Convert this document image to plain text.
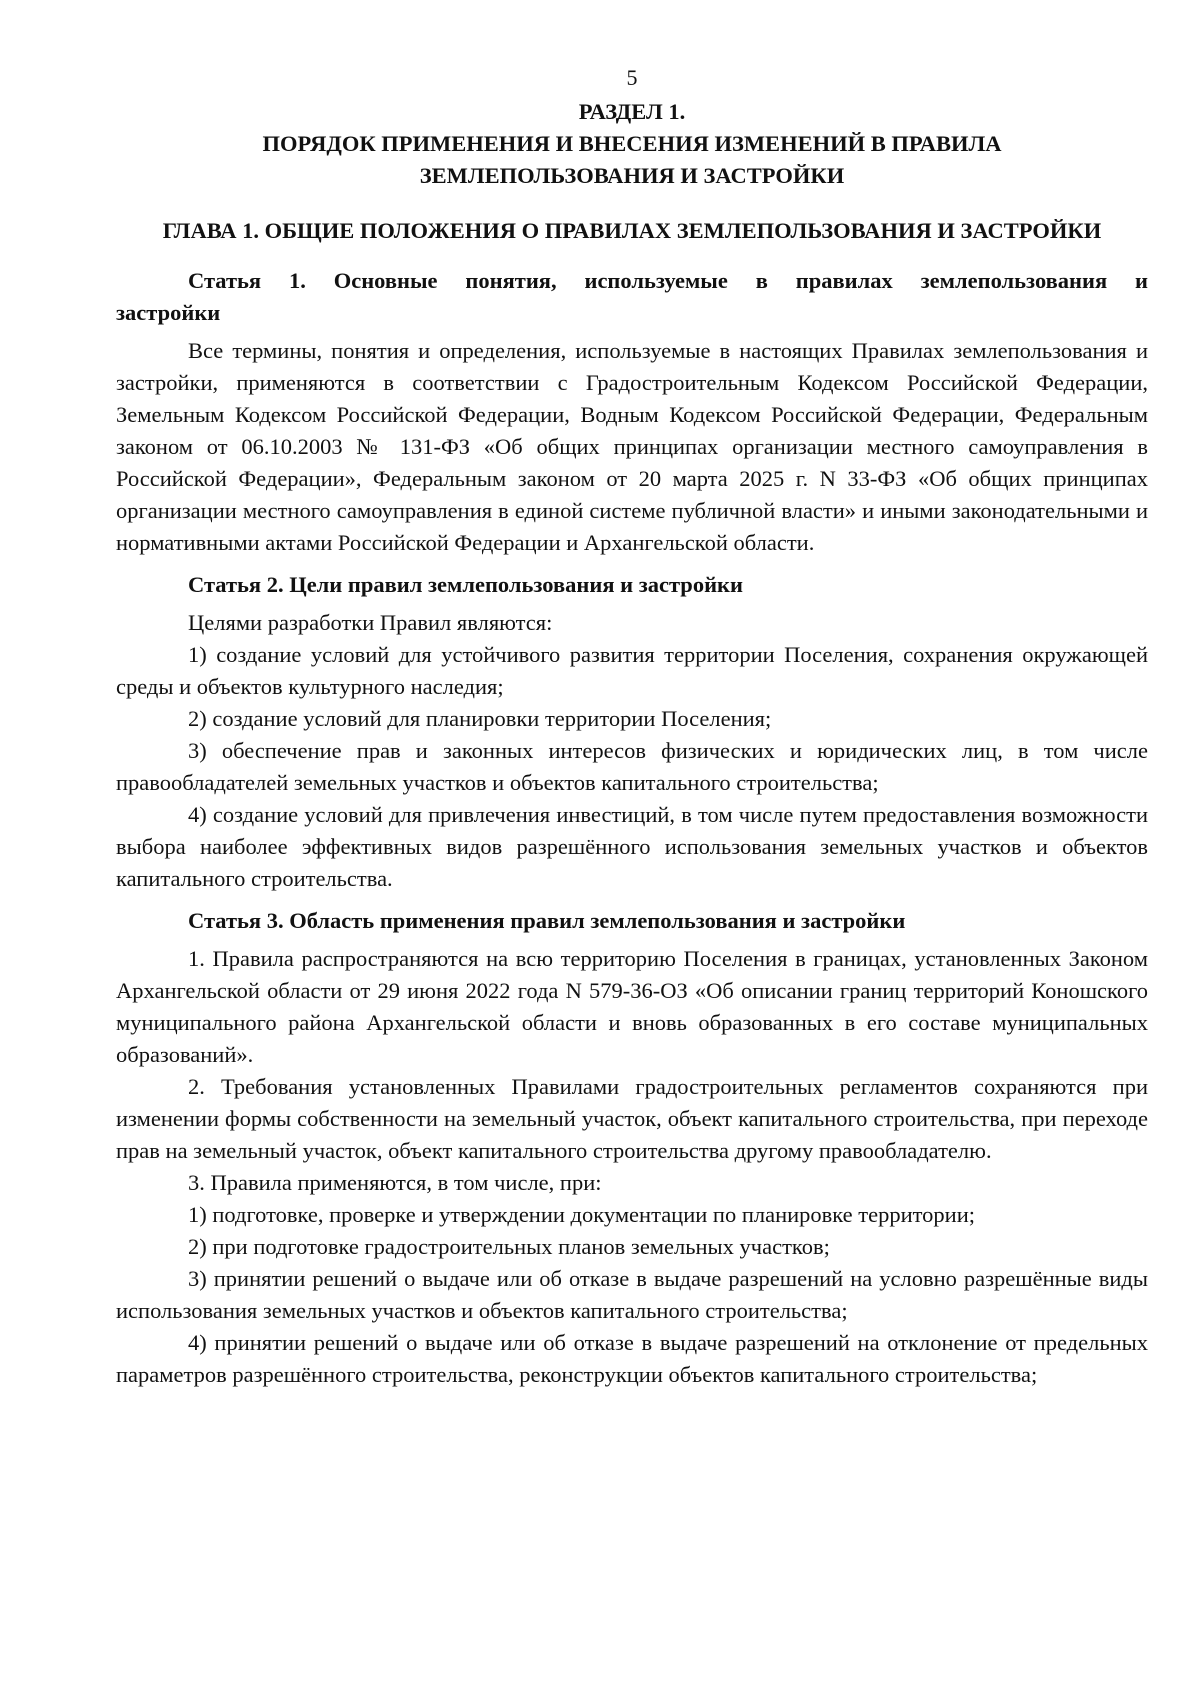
5
РАЗДЕЛ 1.
ПОРЯДОК ПРИМЕНЕНИЯ И ВНЕСЕНИЯ ИЗМЕНЕНИЙ В ПРАВИЛА
ЗЕМЛЕПОЛЬЗОВАНИЯ И ЗАСТРОЙКИ
ГЛАВА 1. ОБЩИЕ ПОЛОЖЕНИЯ О ПРАВИЛАХ ЗЕМЛЕПОЛЬЗОВАНИЯ И ЗАСТРОЙКИ
Статья 1. Основные понятия, используемые в правилах землепользования и застройки

Все термины, понятия и определения, используемые в настоящих Правилах землепользования и застройки, применяются в соответствии с Градостроительным Кодексом Российской Федерации, Земельным Кодексом Российской Федерации, Водным Кодексом Российской Федерации, Федеральным законом от 06.10.2003 № 131-ФЗ «Об общих принципах организации местного самоуправления в Российской Федерации», Федеральным законом от 20 марта 2025 г. N 33-ФЗ «Об общих принципах организации местного самоуправления в единой системе публичной власти» и иными законодательными и нормативными актами Российской Федерации и Архангельской области.

Статья 2. Цели правил землепользования и застройки

Целями разработки Правил являются:

1) создание условий для устойчивого развития территории Поселения, сохранения окружающей среды и объектов культурного наследия;

2) создание условий для планировки территории Поселения;

3) обеспечение прав и законных интересов физических и юридических лиц, в том числе правообладателей земельных участков и объектов капитального строительства;

4) создание условий для привлечения инвестиций, в том числе путем предоставления возможности выбора наиболее эффективных видов разрешённого использования земельных участков и объектов капитального строительства.

Статья 3. Область применения правил землепользования и застройки

1. Правила распространяются на всю территорию Поселения в границах, установленных Законом Архангельской области от 29 июня 2022 года N 579-36-ОЗ «Об описании границ территорий Коношского муниципального района Архангельской области и вновь образованных в его составе муниципальных образований».

2. Требования установленных Правилами градостроительных регламентов сохраняются при изменении формы собственности на земельный участок, объект капитального строительства, при переходе прав на земельный участок, объект капитального строительства другому правообладателю.

3. Правила применяются, в том числе, при:

1) подготовке, проверке и утверждении документации по планировке территории;

2) при подготовке градостроительных планов земельных участков;

3) принятии решений о выдаче или об отказе в выдаче разрешений на условно разрешённые виды использования земельных участков и объектов капитального строительства;

4) принятии решений о выдаче или об отказе в выдаче разрешений на отклонение от предельных параметров разрешённого строительства, реконструкции объектов капитального строительства;
